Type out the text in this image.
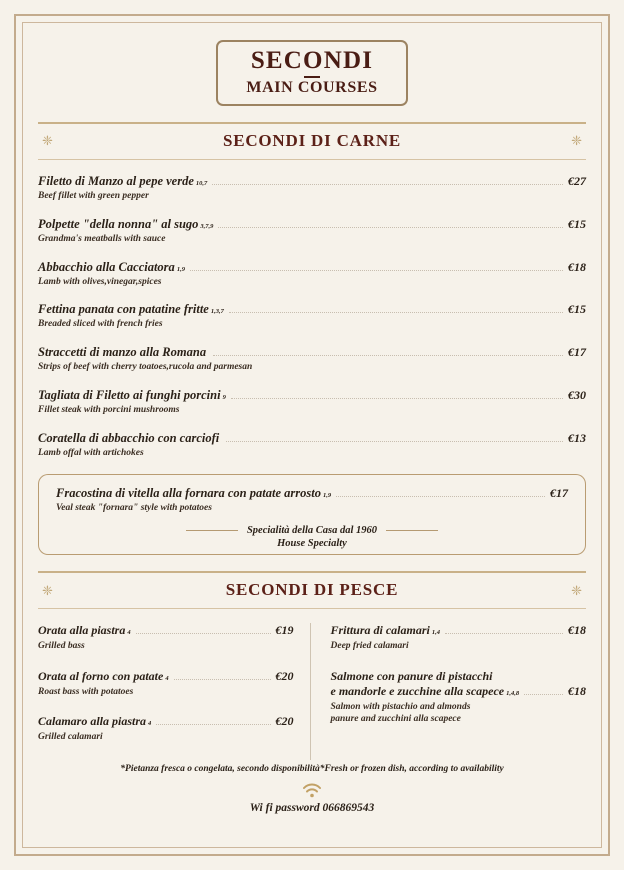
SECONDI
MAIN COURSES
❈	SECONDI DI CARNE	❈
Filetto di Manzo al pepe verde 10,7	€27
Beef fillet with green pepper
Polpette "della nonna" al sugo 3,7,9	€15
Grandma's meatballs with sauce
Abbacchio alla Cacciatora 1,9	€18
Lamb with olives,vinegar,spices
Fettina panata con patatine fritte 1,3,7	€15
Breaded sliced with french fries
Straccetti di manzo alla Romana	€17
Strips of beef with cherry toatoes,rucola and parmesan
Tagliata di Filetto ai funghi porcini 9	€30
Fillet steak with porcini mushrooms
Coratella di abbacchio con carciofi	€13
Lamb offal with artichokes
Fracostina di vitella alla fornara con patate arrosto 1,9	€17
Veal steak "fornara" style with potatoes
Specialità della Casa dal 1960
House Specialty
❈	SECONDI DI PESCE	❈
Orata alla piastra 4	€19
Grilled bass
Orata al forno con patate 4	€20
Roast bass with potatoes
Calamaro alla piastra 4	€20
Grilled calamari
Frittura di calamari 1,4	€18
Deep fried calamari
Salmone con panure di pistacchi
e mandorle e zucchine alla scapece 1,4,8	€18
Salmon with pistachio and almonds
panure and zucchini alla scapece
*Pietanza fresca o congelata, secondo disponibilità*Fresh or frozen dish, according to availability
Wi fi password 066869543
